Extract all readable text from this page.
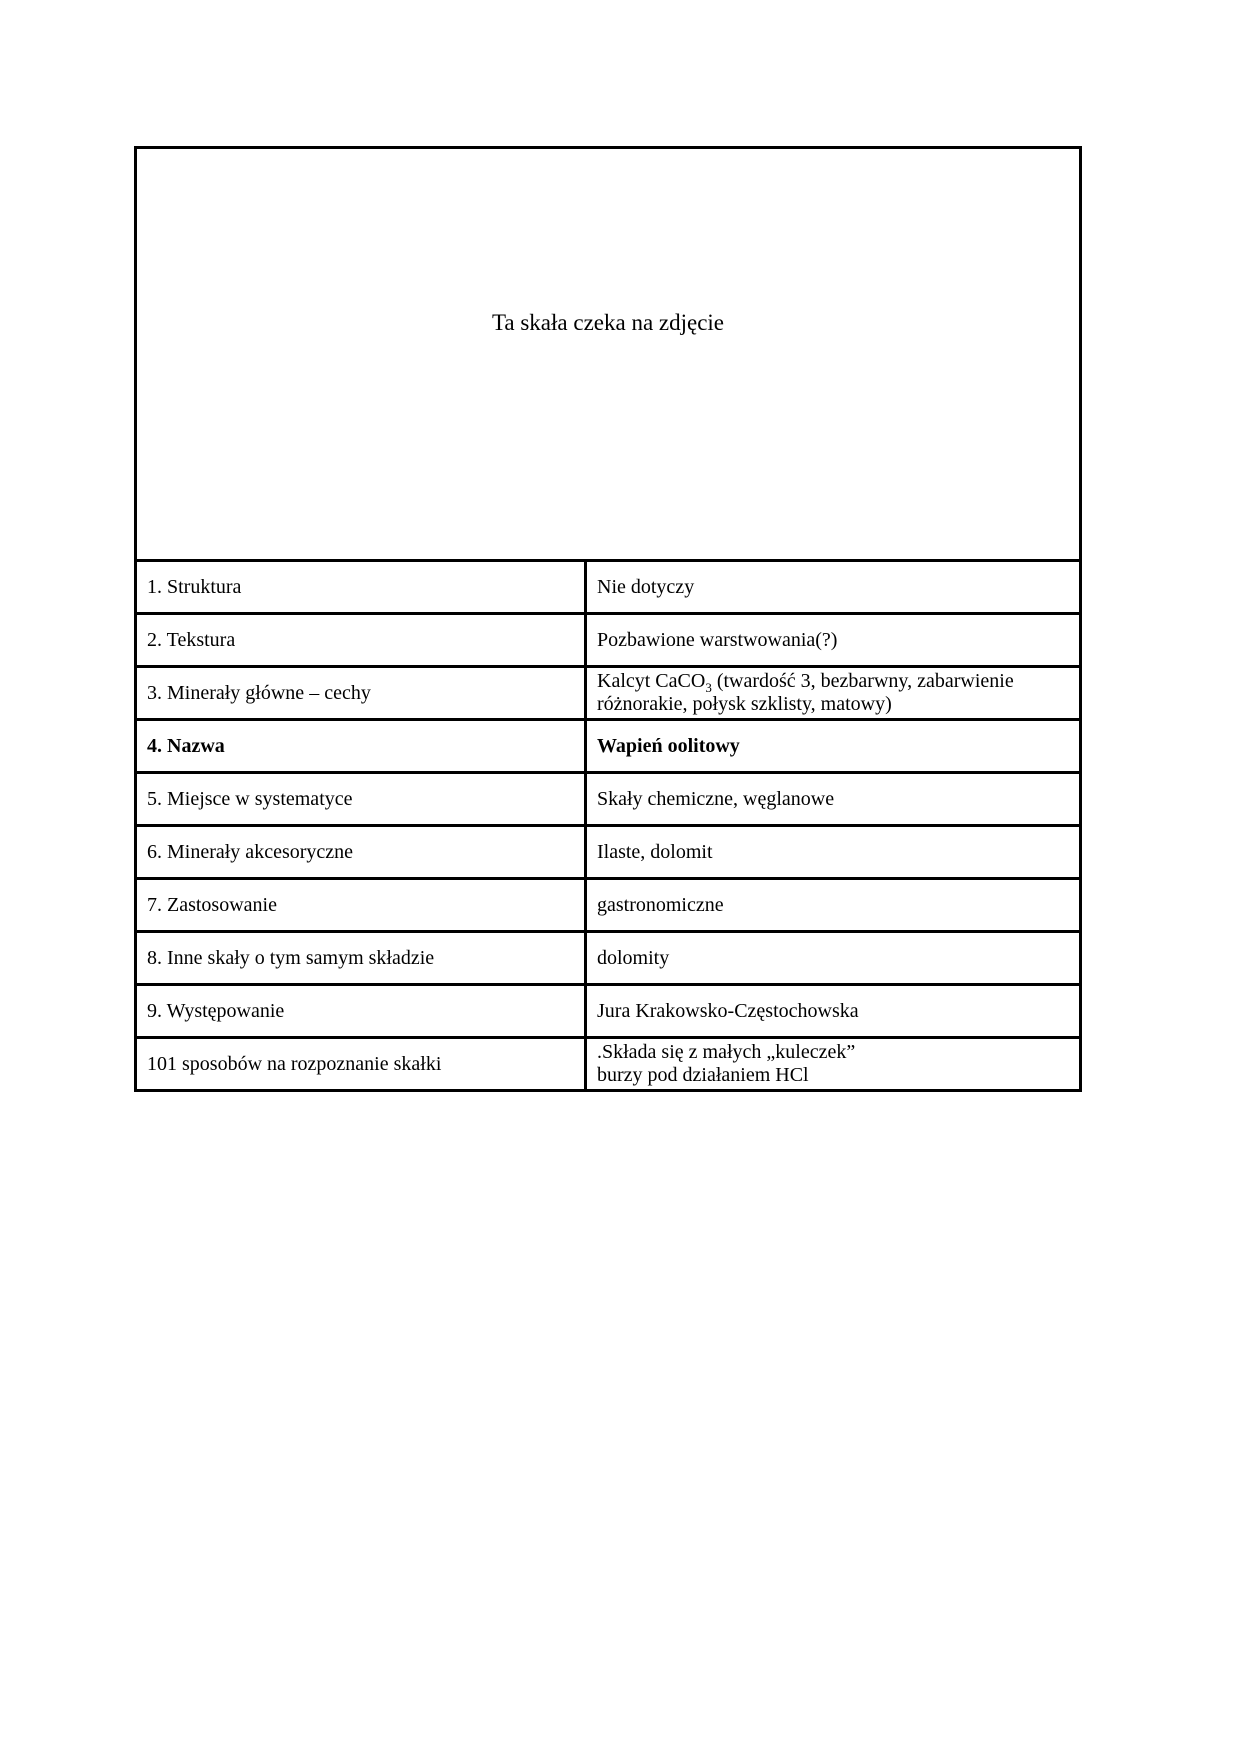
Ta skała czeka na zdjęcie	
1. Struktura	Nie dotyczy
2. Tekstura	Pozbawione warstwowania(?)
3. Minerały główne – cechy	Kalcyt CaCO$_3$ (twardość 3, bezbarwny, zabarwienie różnorakie, połysk szklisty, matowy)
4. Nazwa	Wapień oolitowy
5. Miejsce w systematyce	Skały chemiczne, węglanowe
6. Minerały akcesoryczne	Ilaste, dolomit
7. Zastosowanie	gastronomiczne
8. Inne skały o tym samym składzie	dolomity
9. Występowanie	Jura Krakowsko-Częstochowska
101 sposobów na rozpoznanie skałki	.Składa się z małych „kuleczek”
burzy pod działaniem HCl
